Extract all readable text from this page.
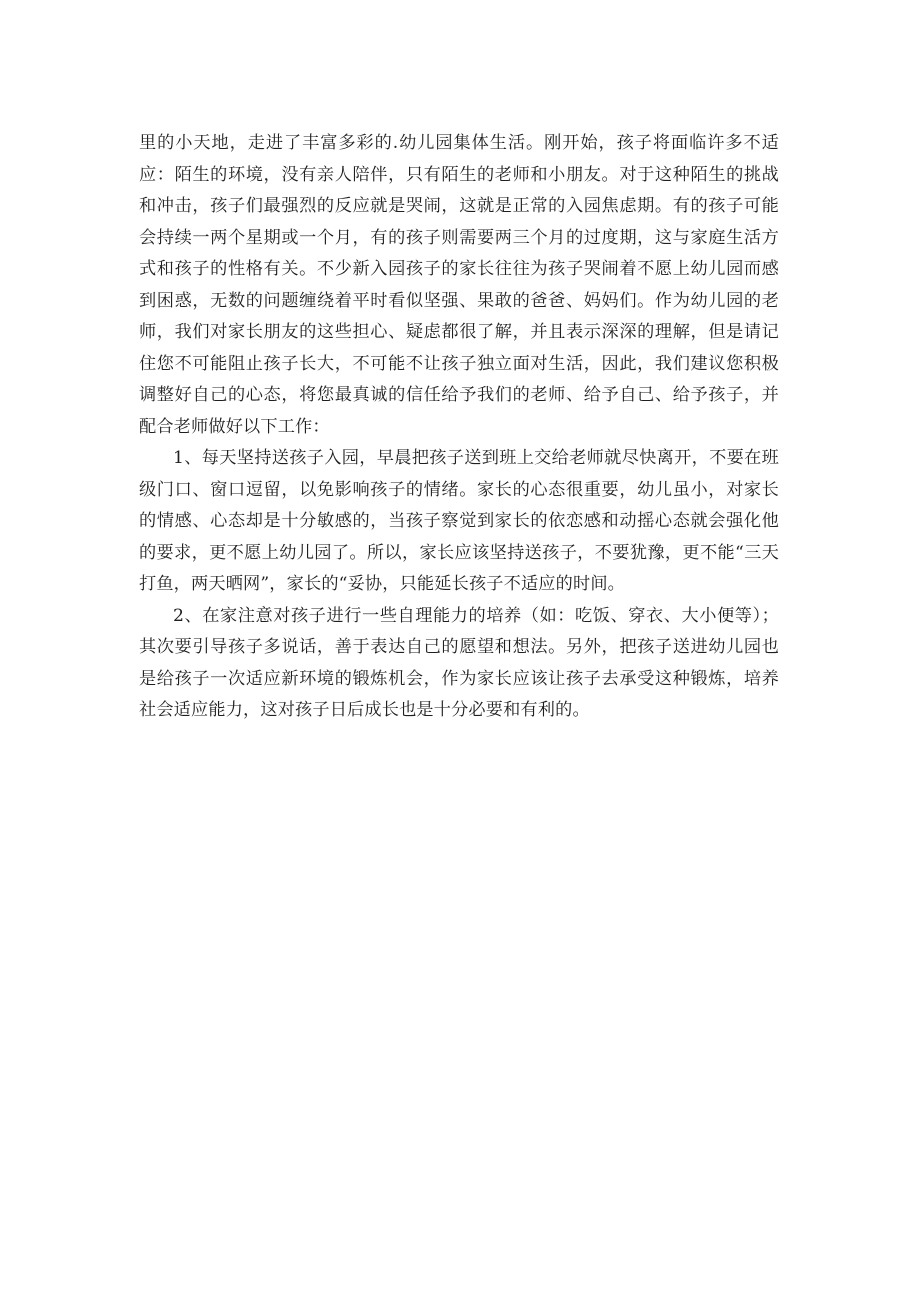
里的小天地，走进了丰富多彩的.幼儿园集体生活。刚开始，孩子将面临许多不适应：陌生的环境，没有亲人陪伴，只有陌生的老师和小朋友。对于这种陌生的挑战和冲击，孩子们最强烈的反应就是哭闹，这就是正常的入园焦虑期。有的孩子可能会持续一两个星期或一个月，有的孩子则需要两三个月的过度期，这与家庭生活方式和孩子的性格有关。不少新入园孩子的家长往往为孩子哭闹着不愿上幼儿园而感到困惑，无数的问题缠绕着平时看似坚强、果敢的爸爸、妈妈们。作为幼儿园的老师，我们对家长朋友的这些担心、疑虑都很了解，并且表示深深的理解，但是请记住您不可能阻止孩子长大，不可能不让孩子独立面对生活，因此，我们建议您积极调整好自己的心态，将您最真诚的信任给予我们的老师、给予自己、给予孩子，并配合老师做好以下工作：

1、每天坚持送孩子入园，早晨把孩子送到班上交给老师就尽快离开，不要在班级门口、窗口逗留，以免影响孩子的情绪。家长的心态很重要，幼儿虽小，对家长的情感、心态却是十分敏感的，当孩子察觉到家长的依恋感和动摇心态就会强化他的要求，更不愿上幼儿园了。所以，家长应该坚持送孩子，不要犹豫，更不能“三天打鱼，两天晒网”，家长的“妥协，只能延长孩子不适应的时间。

2、在家注意对孩子进行一些自理能力的培养（如：吃饭、穿衣、大小便等）；其次要引导孩子多说话，善于表达自己的愿望和想法。另外，把孩子送进幼儿园也是给孩子一次适应新环境的锻炼机会，作为家长应该让孩子去承受这种锻炼，培养社会适应能力，这对孩子日后成长也是十分必要和有利的。
